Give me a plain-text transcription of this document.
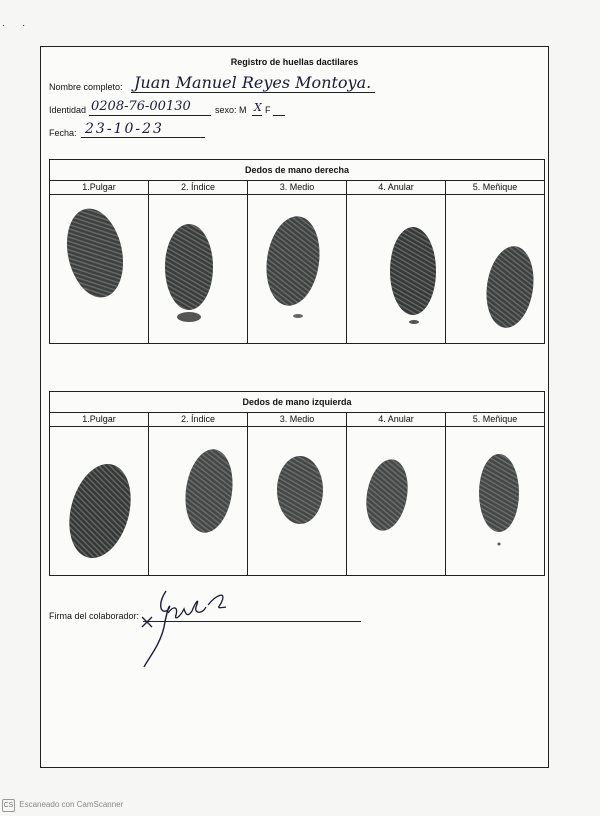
·      ·
Registro de huellas dactilares
Nombre completo: Juan Manuel Reyes Montoya.
Identidad 0208-76-00130	sexo: M X F
Fecha: 23-10-23
Dedos de mano derecha
1.Pulgar	2. Índice	3. Medio	4. Anular	5. Meñique
Dedos de mano izquierda
1.Pulgar	2. Índice	3. Medio	4. Anular	5. Meñique
Firma del colaborador:
CS Escaneado con CamScanner
